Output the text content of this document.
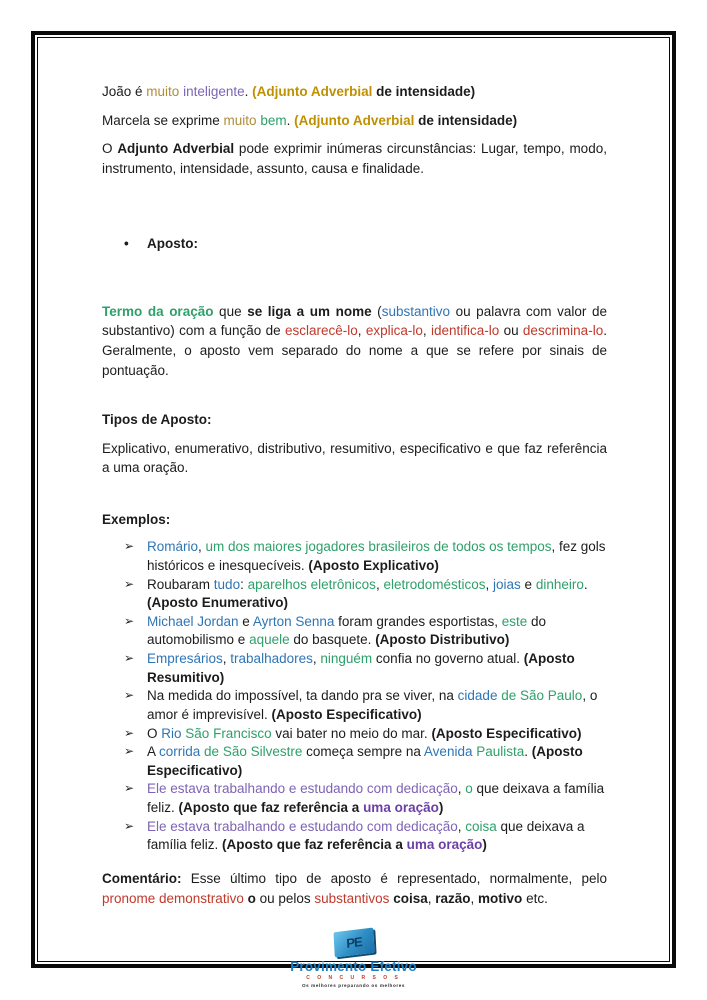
João é muito inteligente. (Adjunto Adverbial de intensidade)
Marcela se exprime muito bem. (Adjunto Adverbial de intensidade)
O Adjunto Adverbial pode exprimir inúmeras circunstâncias: Lugar, tempo, modo, instrumento, intensidade, assunto, causa e finalidade.
• Aposto:
Termo da oração que se liga a um nome (substantivo ou palavra com valor de substantivo) com a função de esclarecê-lo, explica-lo, identifica-lo ou descrimina-lo. Geralmente, o aposto vem separado do nome a que se refere por sinais de pontuação.
Tipos de Aposto:
Explicativo, enumerativo, distributivo, resumitivo, especificativo e que faz referência a uma oração.
Exemplos:
➢ Romário, um dos maiores jogadores brasileiros de todos os tempos, fez gols históricos e inesquecíveis. (Aposto Explicativo)
➢ Roubaram tudo: aparelhos eletrônicos, eletrodomésticos, joias e dinheiro. (Aposto Enumerativo)
➢ Michael Jordan e Ayrton Senna foram grandes esportistas, este do automobilismo e aquele do basquete. (Aposto Distributivo)
➢ Empresários, trabalhadores, ninguém confia no governo atual. (Aposto Resumitivo)
➢ Na medida do impossível, ta dando pra se viver, na cidade de São Paulo, o amor é imprevisível. (Aposto Especificativo)
➢ O Rio São Francisco vai bater no meio do mar. (Aposto Especificativo)
➢ A corrida de São Silvestre começa sempre na Avenida Paulista. (Aposto Especificativo)
➢ Ele estava trabalhando e estudando com dedicação, o que deixava a família feliz. (Aposto que faz referência a uma oração)
➢ Ele estava trabalhando e estudando com dedicação, coisa que deixava a família feliz. (Aposto que faz referência a uma oração)
Comentário: Esse último tipo de aposto é representado, normalmente, pelo pronome demonstrativo o ou pelos substantivos coisa, razão, motivo etc.
PE
Provimento Efetivo
C O N C U R S O S
Os melhores preparando os melhores
